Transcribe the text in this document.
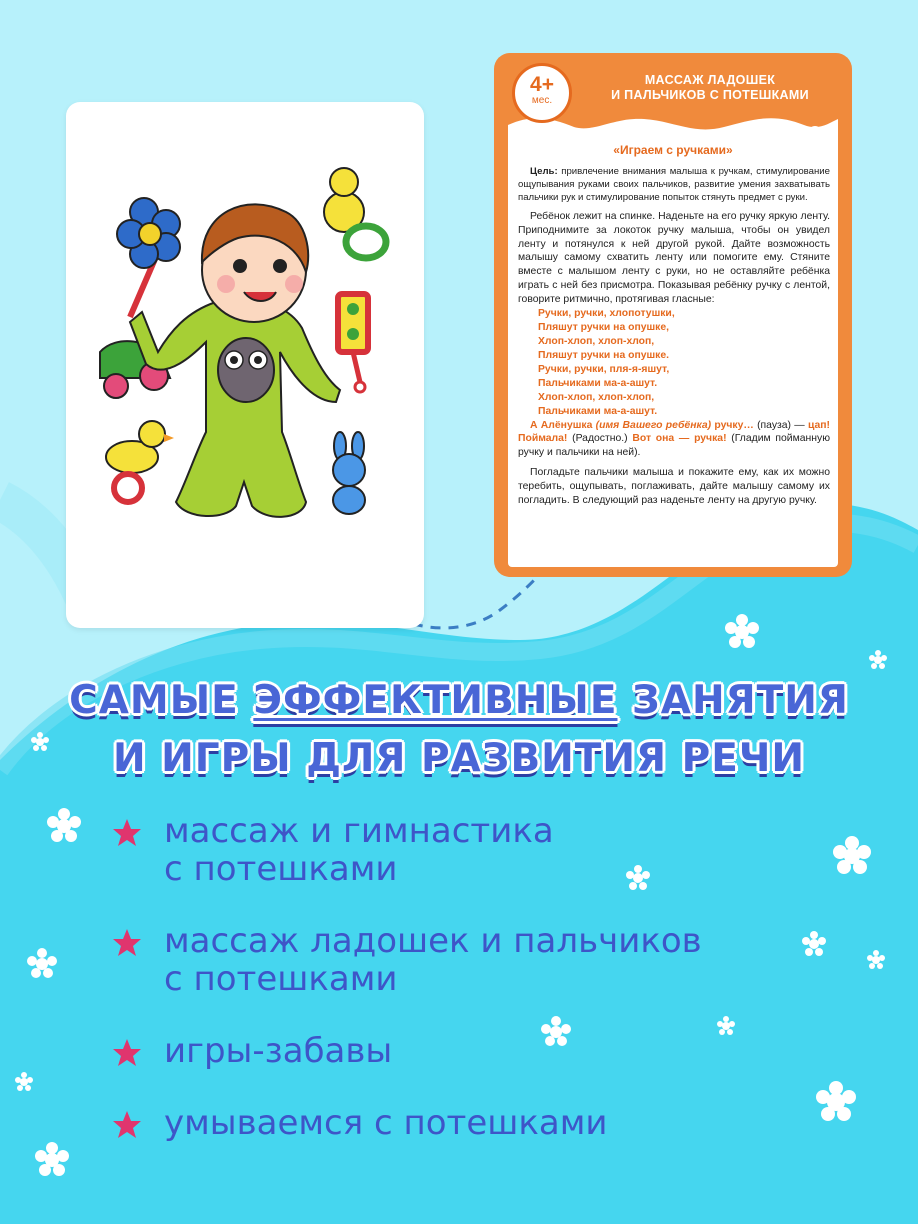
4+
мес.
МАССАЖ ЛАДОШЕК
И ПАЛЬЧИКОВ С ПОТЕШКАМИ
«Играем с ручками»

Цель: привлечение внимания малыша к ручкам, стимулирование ощупывания руками своих пальчиков, развитие умения захватывать пальчики рук и стимулирование попыток стянуть предмет с руки.

Ребёнок лежит на спинке. Наденьте на его ручку яркую ленту. Приподнимите за локоток ручку малыша, чтобы он увидел ленту и потянулся к ней другой рукой. Дайте возможность малышу самому схватить ленту или помогите ему. Стяните вместе с малышом ленту с руки, но не оставляйте ребёнка играть с ней без присмотра. Показывая ребёнку ручку с лентой, говорите ритмично, протягивая гласные:

Ручки, ручки, хлопотушки,
Пляшут ручки на опушке,
Хлоп-хлоп, хлоп-хлоп,
Пляшут ручки на опушке.
Ручки, ручки, пля-я-яшут,
Пальчиками ма-а-ашут.
Хлоп-хлоп, хлоп-хлоп,
Пальчиками ма-а-ашут.

А Алёнушка (имя Вашего ребёнка) ручку… (пауза) — цап! Поймала! (Радостно.) Вот она — ручка! (Гладим пойманную ручку и пальчики на ней).

Погладьте пальчики малыша и покажите ему, как их можно теребить, ощупывать, поглаживать, дайте малышу самому их погладить. В следующий раз наденьте ленту на другую ручку.

САМЫЕ ЭФФЕКТИВНЫЕ ЗАНЯТИЯ
И ИГРЫ ДЛЯ РАЗВИТИЯ РЕЧИ
массаж и гимнастика
с потешками
массаж ладошек и пальчиков
с потешками
игры-забавы
умываемся с потешками
